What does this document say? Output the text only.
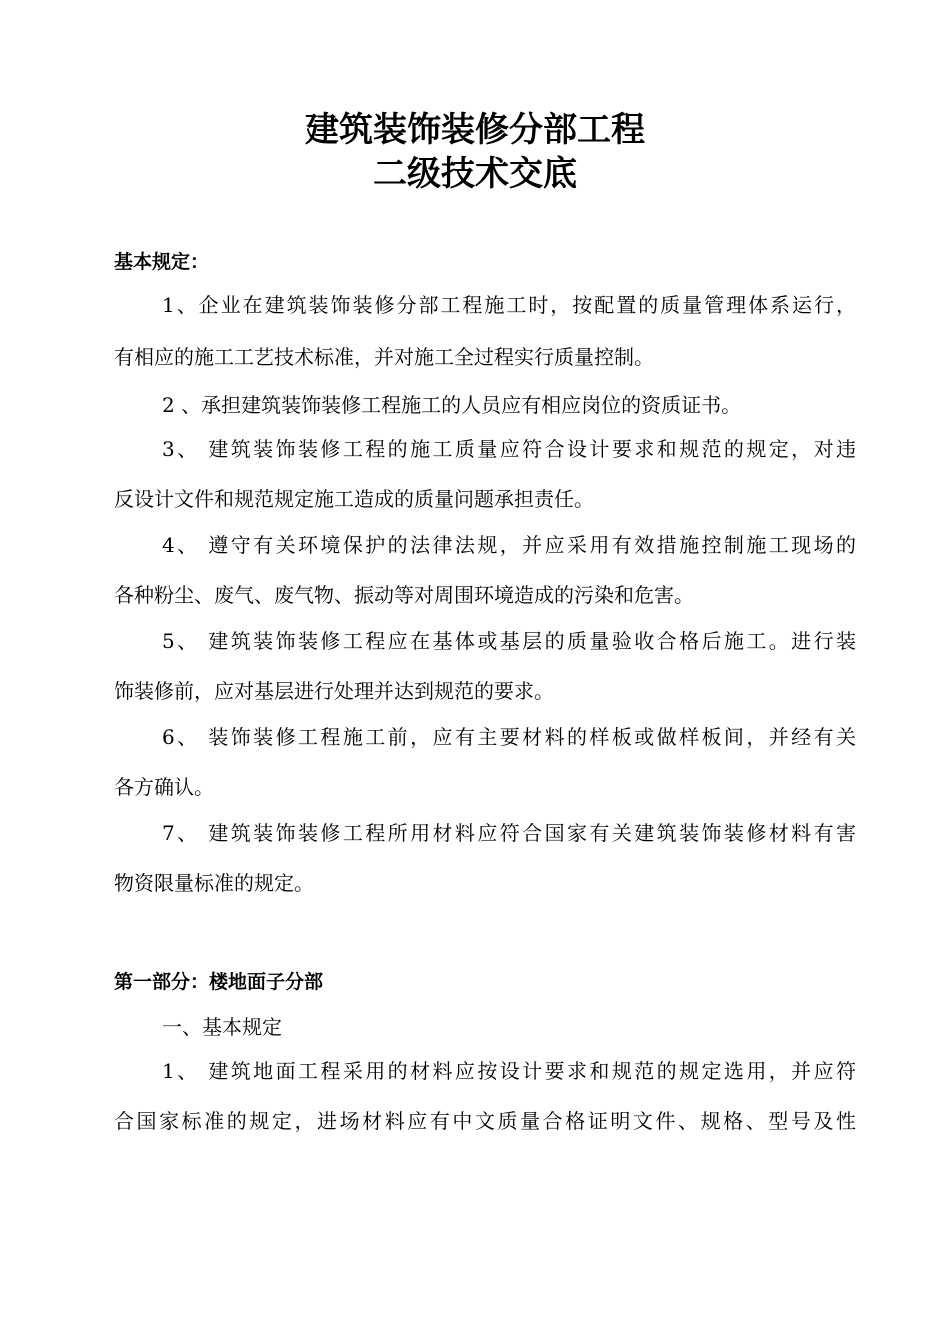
建筑装饰装修分部工程
二级技术交底
基本规定：
1、企业在建筑装饰装修分部工程施工时，按配置的质量管理体系运行，
有相应的施工工艺技术标准，并对施工全过程实行质量控制。
2 、承担建筑装饰装修工程施工的人员应有相应岗位的资质证书。
3、 建筑装饰装修工程的施工质量应符合设计要求和规范的规定，对违
反设计文件和规范规定施工造成的质量问题承担责任。
4、 遵守有关环境保护的法律法规，并应采用有效措施控制施工现场的
各种粉尘、废气、废气物、振动等对周围环境造成的污染和危害。
5、 建筑装饰装修工程应在基体或基层的质量验收合格后施工。进行装
饰装修前，应对基层进行处理并达到规范的要求。
6、 装饰装修工程施工前，应有主要材料的样板或做样板间，并经有关
各方确认。
7、 建筑装饰装修工程所用材料应符合国家有关建筑装饰装修材料有害
物资限量标准的规定。
第一部分：楼地面子分部
一、基本规定
1、 建筑地面工程采用的材料应按设计要求和规范的规定选用，并应符
合国家标准的规定，进场材料应有中文质量合格证明文件、规格、型号及性
